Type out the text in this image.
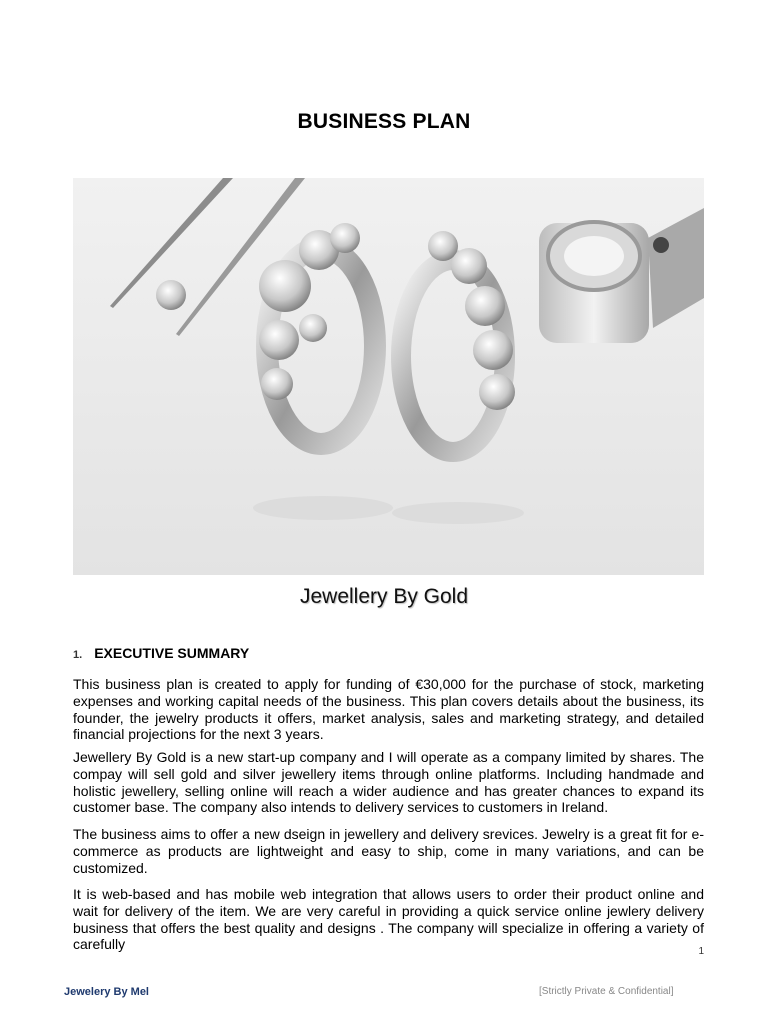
BUSINESS PLAN
Jewellery By Gold
1. EXECUTIVE SUMMARY
This business plan is created to apply for funding of €30,000 for the purchase of stock, marketing expenses and working capital needs of the business. This plan covers details about the business, its founder, the jewelry products it offers, market analysis, sales and marketing strategy, and detailed financial projections for the next 3 years.
Jewellery By Gold is a new start-up company and I will operate as a company limited by shares. The compay will sell gold and silver jewellery items through online platforms. Including handmade and holistic jewellery, selling online will reach a wider audience and has greater chances to expand its customer base. The company also intends to delivery services to customers in Ireland.
The business aims to offer a new dseign in jewellery and delivery srevices. Jewelry is a great fit for e-commerce as products are lightweight and easy to ship, come in many variations, and can be customized.
It is web-based and has mobile web integration that allows users to order their product online and wait for delivery of the item. We are very careful in providing a quick service online jewlery delivery business that offers the best quality and designs . The company will specialize in offering a variety of carefully	1
Jewelery By Mel	[Strictly Private & Confidential]
